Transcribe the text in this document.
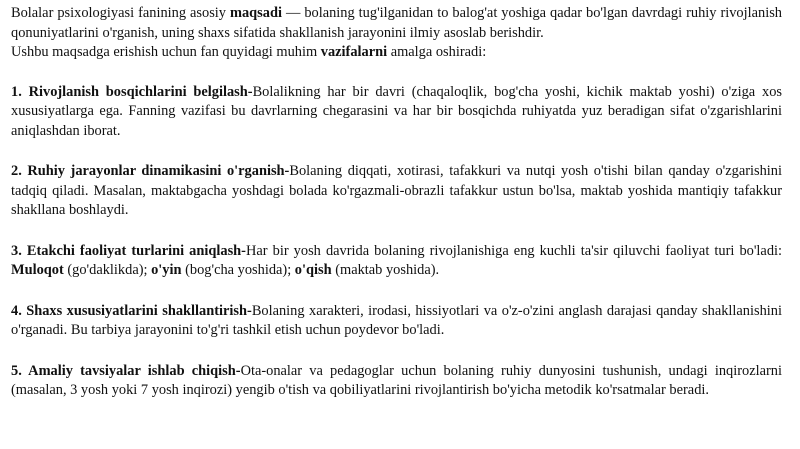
Bolalar psixologiyasi fanining asosiy maqsadi — bolaning tug'ilganidan to balog'at yoshiga qadar bo'lgan davrdagi ruhiy rivojlanish qonuniyatlarini o'rganish, uning shaxs sifatida shakllanish jarayonini ilmiy asoslab berishdir.
Ushbu maqsadga erishish uchun fan quyidagi muhim vazifalarni amalga oshiradi:

1. Rivojlanish bosqichlarini belgilash-Bolalikning har bir davri (chaqaloqlik, bog'cha yoshi, kichik maktab yoshi) o'ziga xos xususiyatlarga ega. Fanning vazifasi bu davrlarning chegarasini va har bir bosqichda ruhiyatda yuz beradigan sifat o'zgarishlarini aniqlashdan iborat.

2. Ruhiy jarayonlar dinamikasini o'rganish-Bolaning diqqati, xotirasi, tafakkuri va nutqi yosh o'tishi bilan qanday o'zgarishini tadqiq qiladi. Masalan, maktabgacha yoshdagi bolada ko'rgazmali-obrazli tafakkur ustun bo'lsa, maktab yoshida mantiqiy tafakkur shakllana boshlaydi.

3. Etakchi faoliyat turlarini aniqlash-Har bir yosh davrida bolaning rivojlanishiga eng kuchli ta'sir qiluvchi faoliyat turi bo'ladi: Muloqot (go'daklikda); o'yin (bog'cha yoshida); o'qish (maktab yoshida).

4. Shaxs xususiyatlarini shakllantirish-Bolaning xarakteri, irodasi, hissiyotlari va o'z-o'zini anglash darajasi qanday shakllanishini o'rganadi. Bu tarbiya jarayonini to'g'ri tashkil etish uchun poydevor bo'ladi.

5. Amaliy tavsiyalar ishlab chiqish-Ota-onalar va pedagoglar uchun bolaning ruhiy dunyosini tushunish, undagi inqirozlarni (masalan, 3 yosh yoki 7 yosh inqirozi) yengib o'tish va qobiliyatlarini rivojlantirish bo'yicha metodik ko'rsatmalar beradi.
